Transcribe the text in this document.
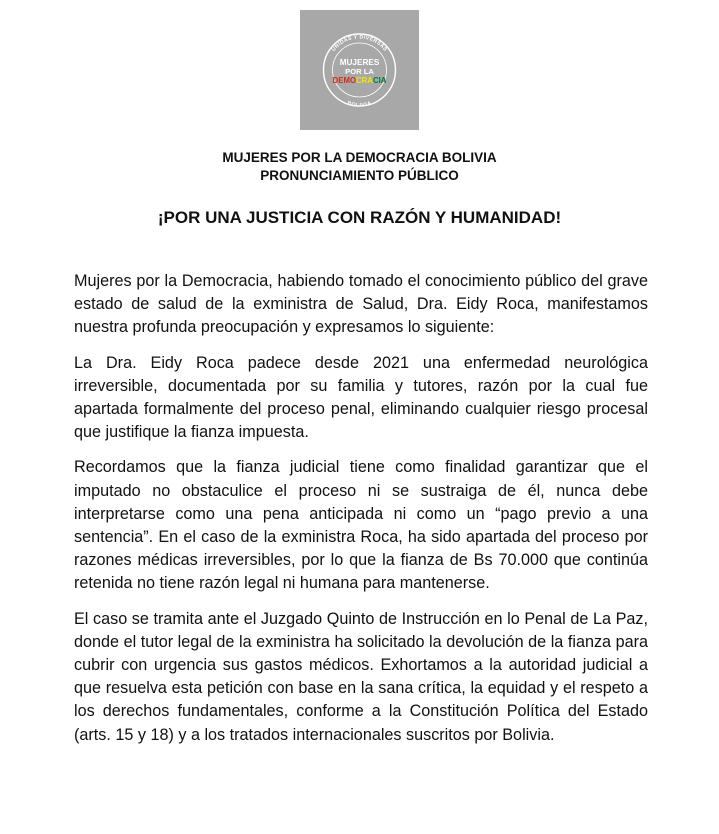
UNIDAS Y DIVERSAS
MUJERES
POR LA
DEMOCRACIA
BOLIVIA
MUJERES POR LA DEMOCRACIA BOLIVIA
PRONUNCIAMIENTO PÚBLICO
¡POR UNA JUSTICIA CON RAZÓN Y HUMANIDAD!

Mujeres por la Democracia, habiendo tomado el conocimiento público del grave estado de salud de la exministra de Salud, Dra. Eidy Roca, manifestamos nuestra profunda preocupación y expresamos lo siguiente:

La Dra. Eidy Roca padece desde 2021 una enfermedad neurológica irreversible, documentada por su familia y tutores, razón por la cual fue apartada formalmente del proceso penal, eliminando cualquier riesgo procesal que justifique la fianza impuesta.

Recordamos que la fianza judicial tiene como finalidad garantizar que el imputado no obstaculice el proceso ni se sustraiga de él, nunca debe interpretarse como una pena anticipada ni como un “pago previo a una sentencia”. En el caso de la exministra Roca, ha sido apartada del proceso por razones médicas irreversibles, por lo que la fianza de Bs 70.000 que continúa retenida no tiene razón legal ni humana para mantenerse.

El caso se tramita ante el Juzgado Quinto de Instrucción en lo Penal de La Paz, donde el tutor legal de la exministra ha solicitado la devolución de la fianza para cubrir con urgencia sus gastos médicos. Exhortamos a la autoridad judicial a que resuelva esta petición con base en la sana crítica, la equidad y el respeto a los derechos fundamentales, conforme a la Constitución Política del Estado (arts. 15 y 18) y a los tratados internacionales suscritos por Bolivia.
